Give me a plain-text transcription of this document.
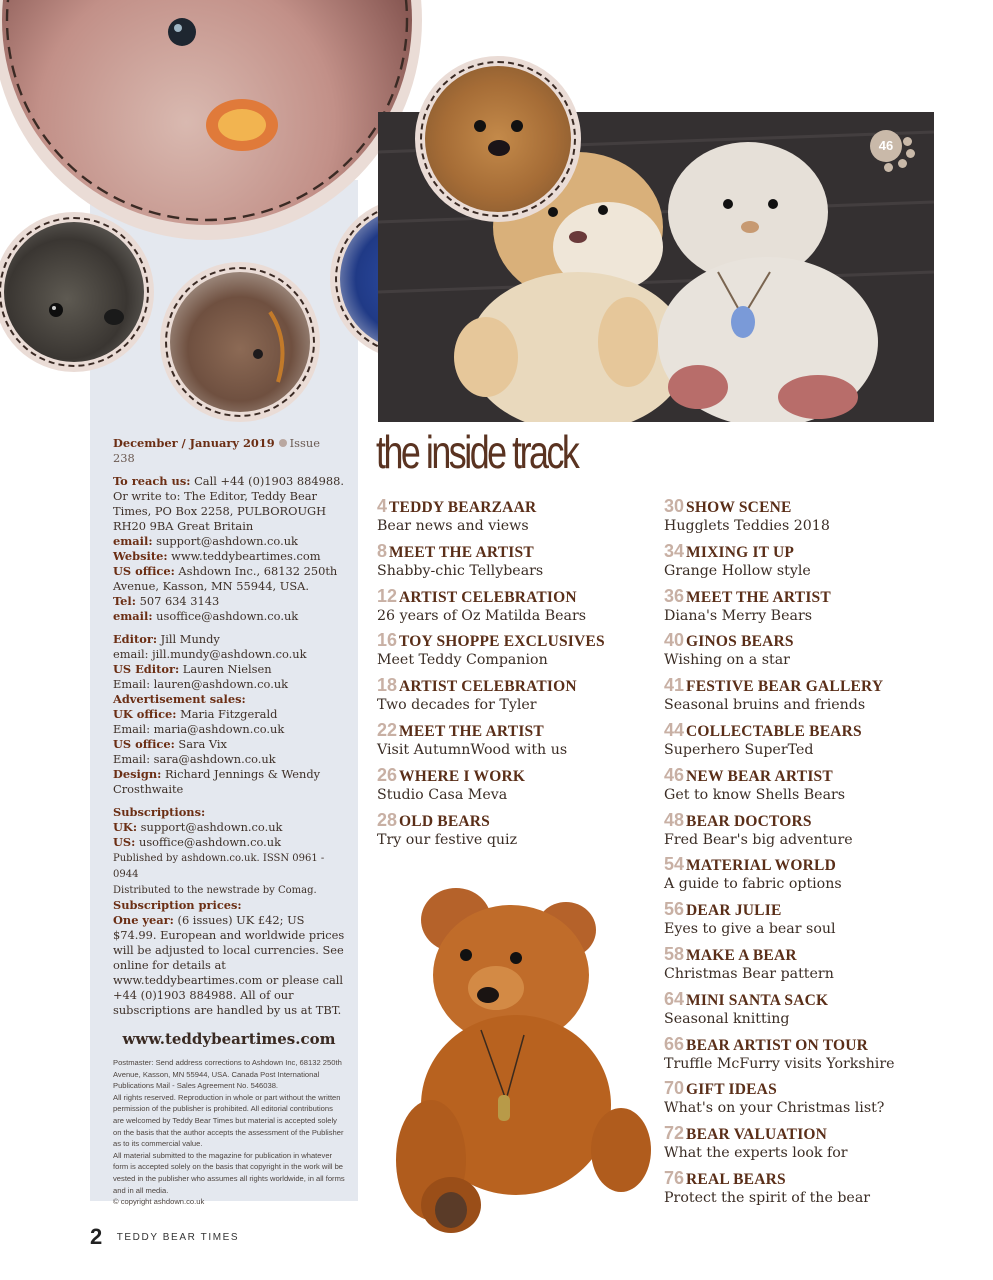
46
December / January 2019 Issue 238
To reach us: Call +44 (0)1903 884988. Or write to: The Editor, Teddy Bear Times, PO Box 2258, PULBOROUGH RH20 9BA Great Britain
email: support@ashdown.co.uk
Website: www.teddybeartimes.com
US office: Ashdown Inc., 68132 250th Avenue, Kasson, MN 55944, USA.
Tel: 507 634 3143
email: usoffice@ashdown.co.uk
Editor: Jill Mundy
email: jill.mundy@ashdown.co.uk
US Editor: Lauren Nielsen
Email: lauren@ashdown.co.uk
Advertisement sales:
UK office: Maria Fitzgerald
Email: maria@ashdown.co.uk
US office: Sara Vix
Email: sara@ashdown.co.uk
Design: Richard Jennings & Wendy Crosthwaite
Subscriptions:
UK: support@ashdown.co.uk
US: usoffice@ashdown.co.uk
Published by ashdown.co.uk. ISSN 0961 - 0944
Distributed to the newstrade by Comag.
Subscription prices:
One year: (6 issues) UK £42; US $74.99. European and worldwide prices will be adjusted to local currencies. See online for details at www.teddybeartimes.com or please call +44 (0)1903 884988. All of our subscriptions are handled by us at TBT.
www.teddybeartimes.com

Postmaster: Send address corrections to Ashdown Inc, 68132 250th Avenue, Kasson, MN 55944, USA. Canada Post International Publications Mail - Sales Agreement No. 546038.

All rights reserved. Reproduction in whole or part without the written permission of the publisher is prohibited. All editorial contributions are welcomed by Teddy Bear Times but material is accepted solely on the basis that the author accepts the assessment of the Publisher as to its commercial value.

All material submitted to the magazine for publication in whatever form is accepted solely on the basis that copyright in the work will be vested in the publisher who assumes all rights worldwide, in all forms and in all media.

© copyright ashdown.co.uk

the inside track
4 TEDDY BEARZAAR
Bear news and views
8 MEET THE ARTIST
Shabby-chic Tellybears
12 ARTIST CELEBRATION
26 years of Oz Matilda Bears
16 TOY SHOPPE EXCLUSIVES
Meet Teddy Companion
18 ARTIST CELEBRATION
Two decades for Tyler
22 MEET THE ARTIST
Visit AutumnWood with us
26 WHERE I WORK
Studio Casa Meva
28 OLD BEARS
Try our festive quiz
30 SHOW SCENE
Hugglets Teddies 2018
34 MIXING IT UP
Grange Hollow style
36 MEET THE ARTIST
Diana's Merry Bears
40 GINOS BEARS
Wishing on a star
41 FESTIVE BEAR GALLERY
Seasonal bruins and friends
44 COLLECTABLE BEARS
Superhero SuperTed
46 NEW BEAR ARTIST
Get to know Shells Bears
48 BEAR DOCTORS
Fred Bear's big adventure
54 MATERIAL WORLD
A guide to fabric options
56 DEAR JULIE
Eyes to give a bear soul
58 MAKE A BEAR
Christmas Bear pattern
64 MINI SANTA SACK
Seasonal knitting
66 BEAR ARTIST ON TOUR
Truffle McFurry visits Yorkshire
70 GIFT IDEAS
What's on your Christmas list?
72 BEAR VALUATION
What the experts look for
76 REAL BEARS
Protect the spirit of the bear
2 TEDDY BEAR TIMES
